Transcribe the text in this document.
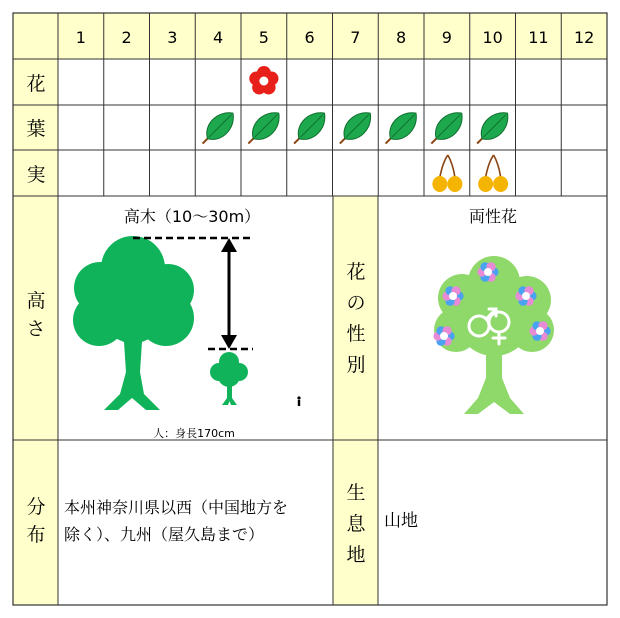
1 2 3 4 5 6 7 8 9 10 11 12
花
葉
実
高
さ
分
布
高木（10～30m）
人：身長170cm
花
の
性
別
両性花
本州神奈川県以西（中国地方を
除く）、九州（屋久島まで）
生
息
地
山地
